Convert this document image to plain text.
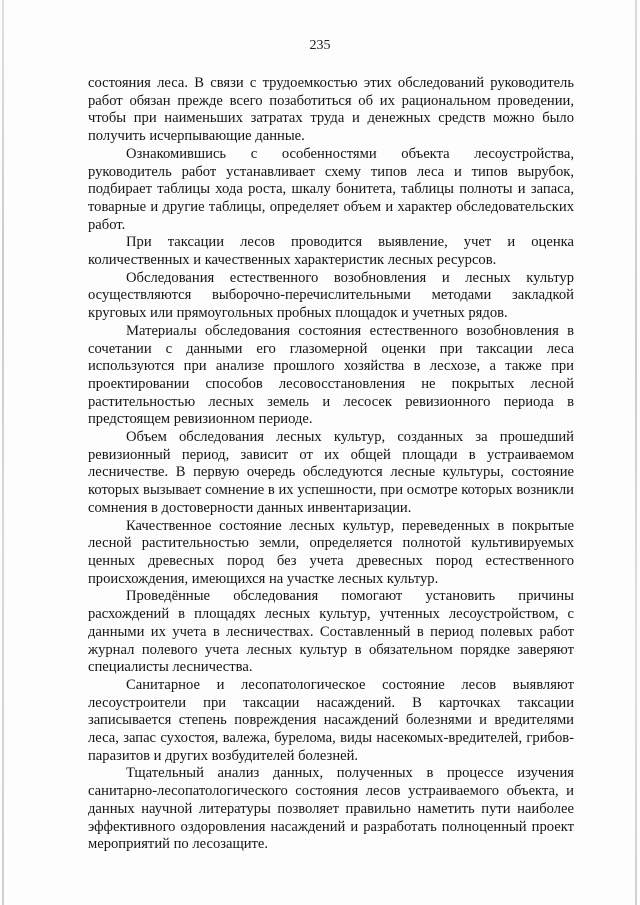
235

состояния леса. В связи с трудоемкостью этих обследований руководитель работ обязан прежде всего позаботиться об их рациональном проведении, чтобы при наименьших затратах труда и денежных средств можно было получить исчерпывающие данные.

Ознакомившись с особенностями объекта лесоустройства, руководитель работ устанавливает схему типов леса и типов вырубок, подбирает таблицы хода роста, шкалу бонитета, таблицы полноты и запаса, товарные и другие таблицы, определяет объем и характер обследовательских работ.

При таксации лесов проводится выявление, учет и оценка количественных и качественных характеристик лесных ресурсов.

Обследования естественного возобновления и лесных культур осуществляются выборочно-перечислительными методами закладкой круговых или прямоугольных пробных площадок и учетных рядов.

Материалы обследования состояния естественного возобновления в сочетании с данными его глазомерной оценки при таксации леса используются при анализе прошлого хозяйства в лесхозе, а также при проектировании способов лесовосстановления не покрытых лесной растительностью лесных земель и лесосек ревизионного периода в предстоящем ревизионном периоде.

Объем обследования лесных культур, созданных за прошедший ревизионный период, зависит от их общей площади в устраиваемом лесничестве. В первую очередь обследуются лесные культуры, состояние которых вызывает сомнение в их успешности, при осмотре которых возникли сомнения в достоверности данных инвентаризации.

Качественное состояние лесных культур, переведенных в покрытые лесной растительностью земли, определяется полнотой культивируемых ценных древесных пород без учета древесных пород естественного происхождения, имеющихся на участке лесных культур.

Проведённые обследования помогают установить причины расхождений в площадях лесных культур, учтенных лесоустройством, с данными их учета в лесничествах. Составленный в период полевых работ журнал полевого учета лесных культур в обязательном порядке заверяют специалисты лесничества.

Санитарное и лесопатологическое состояние лесов выявляют лесоустроители при таксации насаждений. В карточках таксации записывается степень повреждения насаждений болезнями и вредителями леса, запас сухостоя, валежа, бурелома, виды насекомых-вредителей, грибов-паразитов и других возбудителей болезней.

Тщательный анализ данных, полученных в процессе изучения санитарно-лесопатологического состояния лесов устраиваемого объекта, и данных научной литературы позволяет правильно наметить пути наиболее эффективного оздоровления насаждений и разработать полноценный проект мероприятий по лесозащите.
